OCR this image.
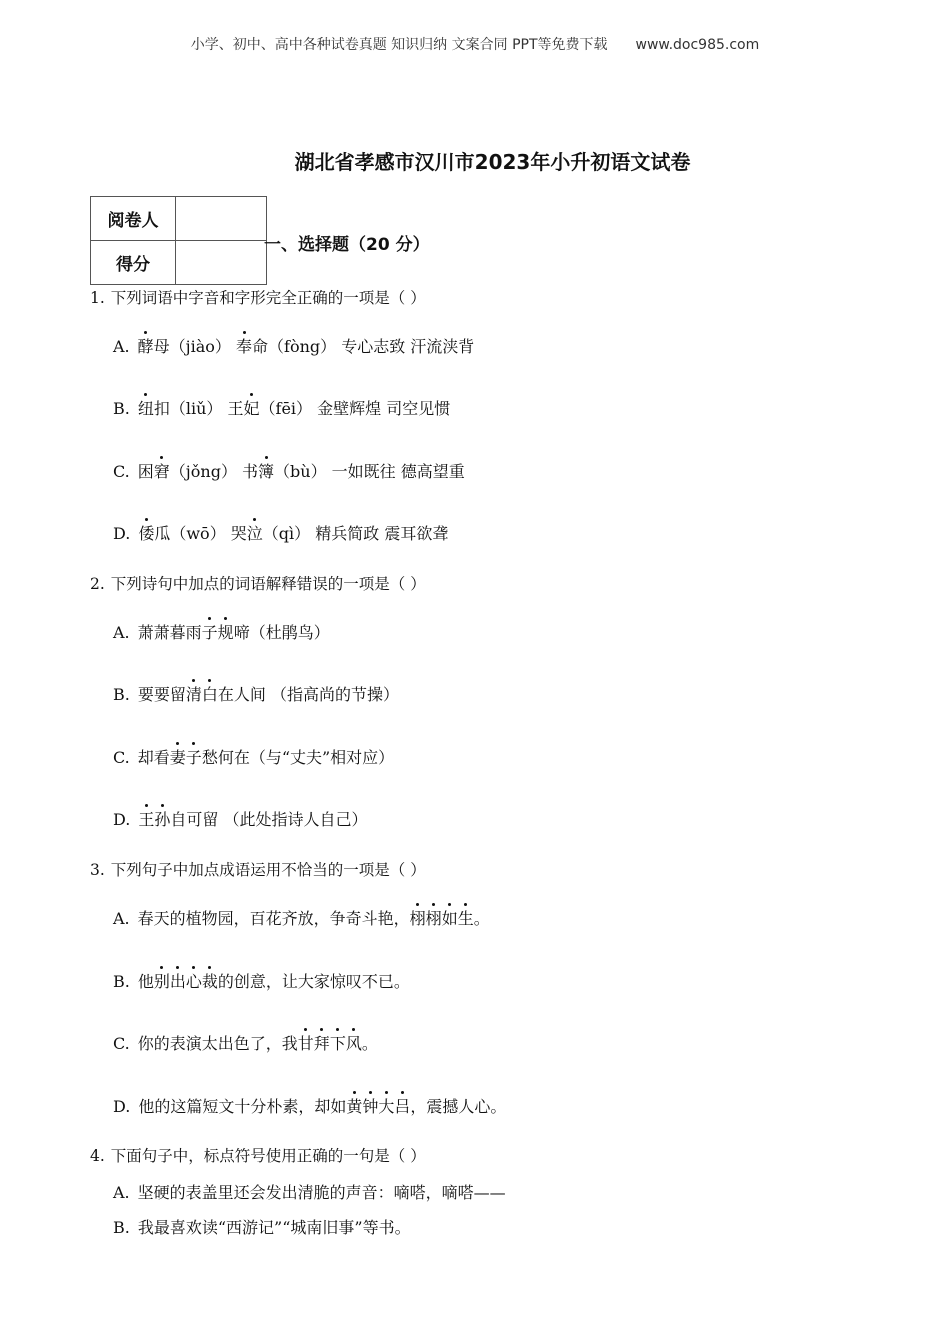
小学、初中、高中各种试卷真题 知识归纳 文案合同 PPT等免费下载 www.doc985.com
湖北省孝感市汉川市2023年小升初语文试卷
阅卷人	
得分	
一、选择题（20 分）
1. 下列词语中字音和字形完全正确的一项是（ ）
A. 酵母（jiào） 奉命（fòng） 专心志致 汗流浃背
B. 纽扣（liǔ） 王妃（fēi） 金壁辉煌 司空见惯
C. 困窘（jǒng） 书簿（bù） 一如既往 德高望重
D. 倭瓜（wō） 哭泣（qì） 精兵简政 震耳欲聋
2. 下列诗句中加点的词语解释错误的一项是（ ）
A. 萧萧暮雨子规啼（杜鹃鸟）
B. 要要留清白在人间 （指高尚的节操）
C. 却看妻子愁何在（与“丈夫”相对应）
D. 王孙自可留 （此处指诗人自己）
3. 下列句子中加点成语运用不恰当的一项是（ ）
A. 春天的植物园，百花齐放，争奇斗艳，栩栩如生。
B. 他别出心裁的创意，让大家惊叹不已。
C. 你的表演太出色了，我甘拜下风。
D. 他的这篇短文十分朴素，却如黄钟大吕，震撼人心。
4. 下面句子中，标点符号使用正确的一句是（ ）
A. 坚硬的表盖里还会发出清脆的声音：嘀嗒，嘀嗒——
B. 我最喜欢读“西游记”“城南旧事”等书。
